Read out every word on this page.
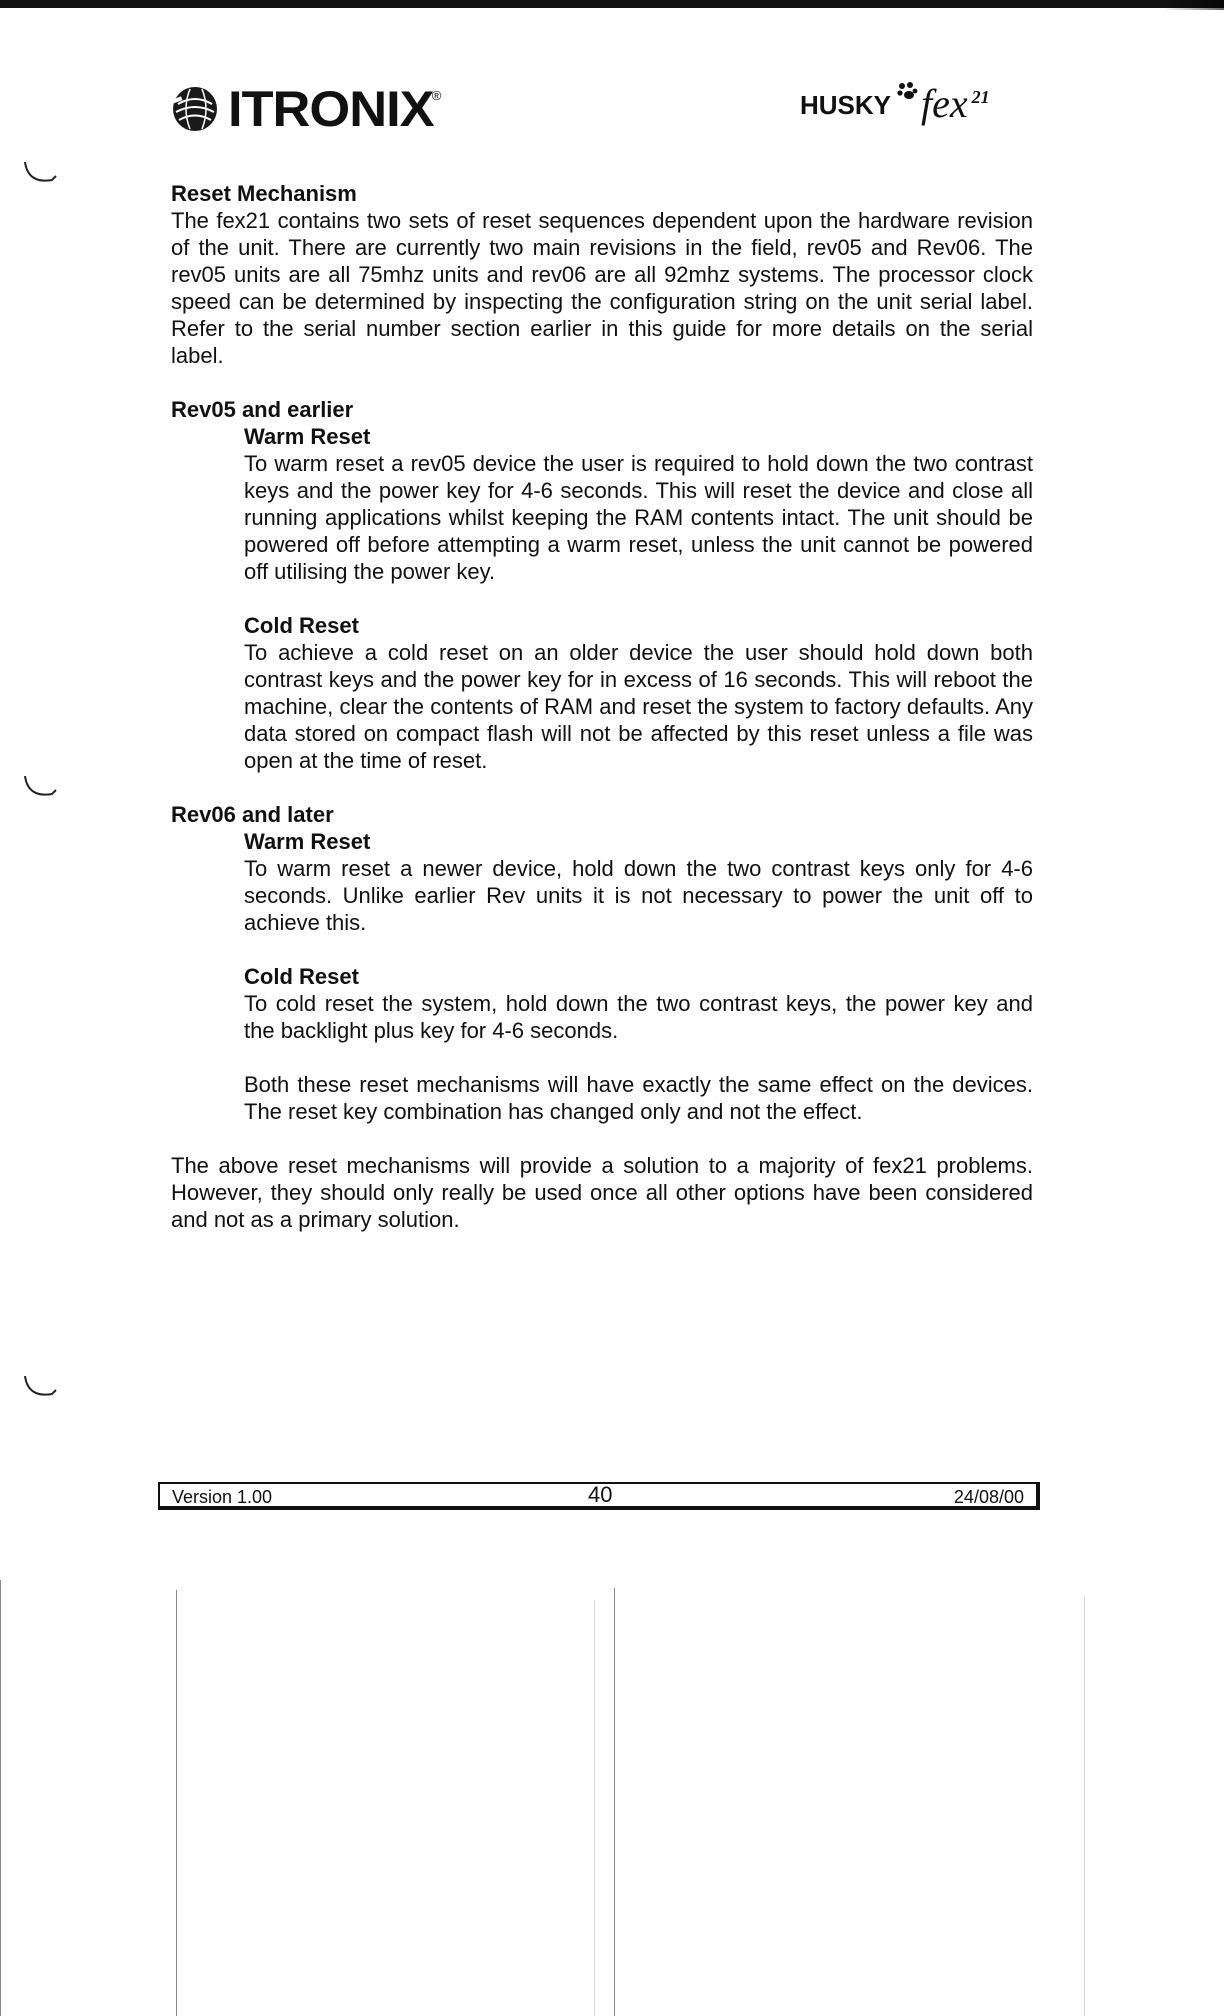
ITRONIX
®	HUSKY fex 21

Reset Mechanism

The fex21 contains two sets of reset sequences dependent upon the hardware revision of the unit. There are currently two main revisions in the field, rev05 and Rev06. The rev05 units are all 75mhz units and rev06 are all 92mhz systems. The processor clock speed can be determined by inspecting the configuration string on the unit serial label. Refer to the serial number section earlier in this guide for more details on the serial label.

Rev05 and earlier

Warm Reset

To warm reset a rev05 device the user is required to hold down the two contrast keys and the power key for 4-6 seconds. This will reset the device and close all running applications whilst keeping the RAM contents intact. The unit should be powered off before attempting a warm reset, unless the unit cannot be powered off utilising the power key.

Cold Reset

To achieve a cold reset on an older device the user should hold down both contrast keys and the power key for in excess of 16 seconds. This will reboot the machine, clear the contents of RAM and reset the system to factory defaults. Any data stored on compact flash will not be affected by this reset unless a file was open at the time of reset.

Rev06 and later

Warm Reset

To warm reset a newer device, hold down the two contrast keys only for 4-6 seconds. Unlike earlier Rev units it is not necessary to power the unit off to achieve this.

Cold Reset

To cold reset the system, hold down the two contrast keys, the power key and the backlight plus key for 4-6 seconds.

Both these reset mechanisms will have exactly the same effect on the devices. The reset key combination has changed only and not the effect.

The above reset mechanisms will provide a solution to a majority of fex21 problems. However, they should only really be used once all other options have been considered and not as a primary solution.

Version 1.00	40	24/08/00
